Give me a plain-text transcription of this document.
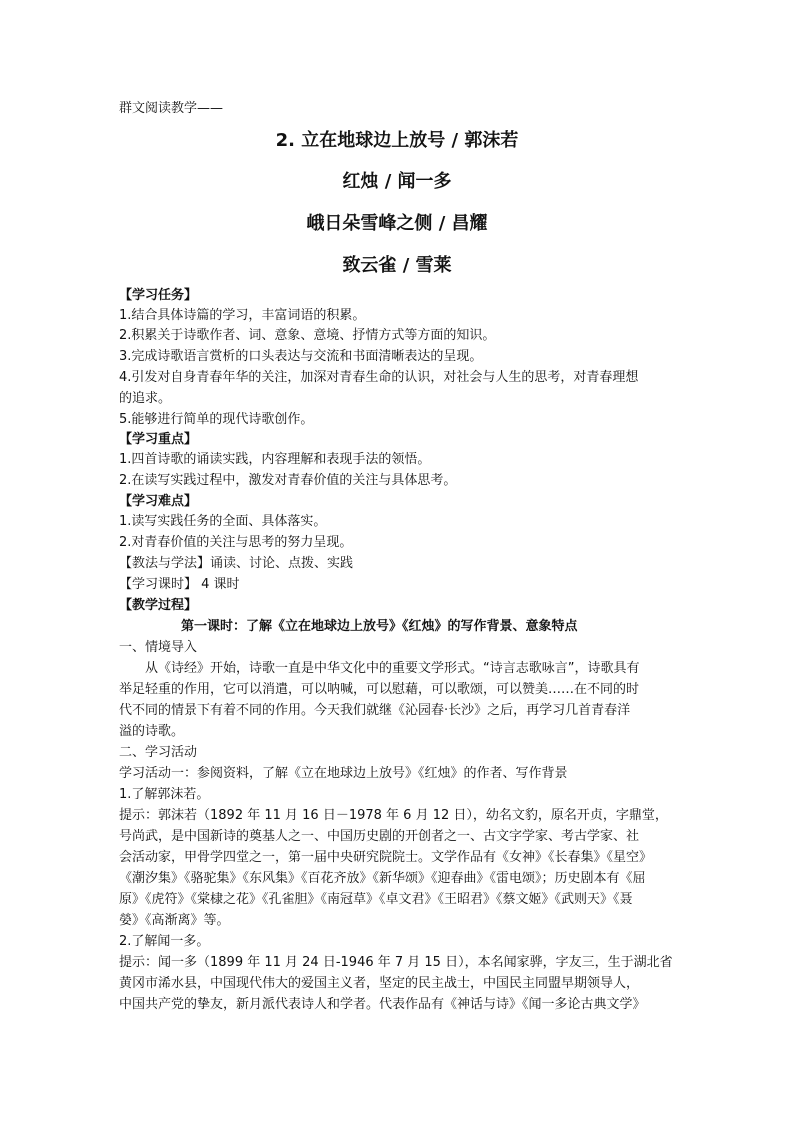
群文阅读教学——
2. 立在地球边上放号 / 郭沫若
红烛 / 闻一多
峨日朵雪峰之侧 / 昌耀
致云雀 / 雪莱
【学习任务】
1.结合具体诗篇的学习，丰富词语的积累。
2.积累关于诗歌作者、词、意象、意境、抒情方式等方面的知识。
3.完成诗歌语言赏析的口头表达与交流和书面清晰表达的呈现。
4.引发对自身青春年华的关注，加深对青春生命的认识，对社会与人生的思考，对青春理想
的追求。
5.能够进行简单的现代诗歌创作。
【学习重点】
1.四首诗歌的诵读实践，内容理解和表现手法的领悟。
2.在读写实践过程中，激发对青春价值的关注与具体思考。
【学习难点】
1.读写实践任务的全面、具体落实。
2.对青春价值的关注与思考的努力呈现。
【教法与学法】诵读、讨论、点拨、实践
【学习课时】 4 课时
【教学过程】
第一课时：了解《立在地球边上放号》《红烛》的写作背景、意象特点
一、情境导入
从《诗经》开始，诗歌一直是中华文化中的重要文学形式。“诗言志歌咏言”，诗歌具有
举足轻重的作用，它可以消遣，可以呐喊，可以慰藉，可以歌颂，可以赞美……在不同的时
代不同的情景下有着不同的作用。今天我们就继《沁园春·长沙》之后，再学习几首青春洋
溢的诗歌。
二、学习活动
学习活动一：参阅资料，了解《立在地球边上放号》《红烛》的作者、写作背景
1.了解郭沫若。
提示：郭沫若（1892 年 11 月 16 日－1978 年 6 月 12 日），幼名文豹，原名开贞，字鼎堂，
号尚武，是中国新诗的奠基人之一、中国历史剧的开创者之一、古文字学家、考古学家、社
会活动家，甲骨学四堂之一，第一届中央研究院院士。文学作品有《女神》《长春集》《星空》
《潮汐集》《骆驼集》《东风集》《百花齐放》《新华颂》《迎春曲》《雷电颂》；历史剧本有《屈
原》《虎符》《棠棣之花》《孔雀胆》《南冠草》《卓文君》《王昭君》《蔡文姬》《武则天》《聂
嫈》《高渐离》等。
2.了解闻一多。
提示：闻一多（1899 年 11 月 24 日-1946 年 7 月 15 日），本名闻家骅，字友三，生于湖北省
黄冈市浠水县，中国现代伟大的爱国主义者，坚定的民主战士，中国民主同盟早期领导人，
中国共产党的挚友，新月派代表诗人和学者。代表作品有《神话与诗》《闻一多论古典文学》
